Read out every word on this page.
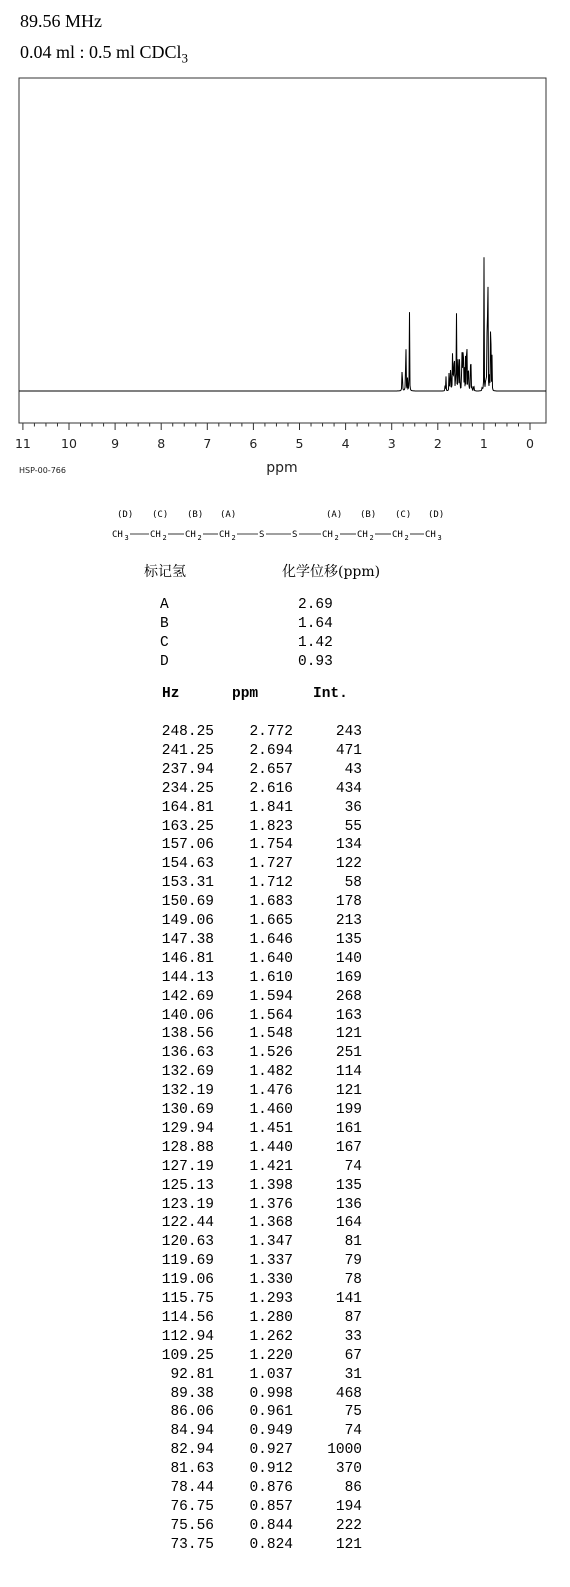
89.56 MHz
0.04 ml : 0.5 ml CDCl$_3$
11 10	9	8	7	6	5	4	3	2	1	0
ppm
HSP-00-766
(D) (C) (B) (A)	(A) (B) (C) (D)
CH 3 CH 2 CH 2 CH 2	S	S	CH 2 CH 2 CH 2 CH 3
标记氢	化学位移(ppm)
A	2.69
B	1.64
C	1.42
D	0.93
Hz	ppm	Int.
248.25	2.772	243
241.25	2.694	471
237.94	2.657	43
234.25	2.616	434
164.81	1.841	36
163.25	1.823	55
157.06	1.754	134
154.63	1.727	122
153.31	1.712	58
150.69	1.683	178
149.06	1.665	213
147.38	1.646	135
146.81	1.640	140
144.13	1.610	169
142.69	1.594	268
140.06	1.564	163
138.56	1.548	121
136.63	1.526	251
132.69	1.482	114
132.19	1.476	121
130.69	1.460	199
129.94	1.451	161
128.88	1.440	167
127.19	1.421	74
125.13	1.398	135
123.19	1.376	136
122.44	1.368	164
120.63	1.347	81
119.69	1.337	79
119.06	1.330	78
115.75	1.293	141
114.56	1.280	87
112.94	1.262	33
109.25	1.220	67
92.81	1.037	31
89.38	0.998	468
86.06	0.961	75
84.94	0.949	74
82.94	0.927	1000
81.63	0.912	370
78.44	0.876	86
76.75	0.857	194
75.56	0.844	222
73.75	0.824	121
